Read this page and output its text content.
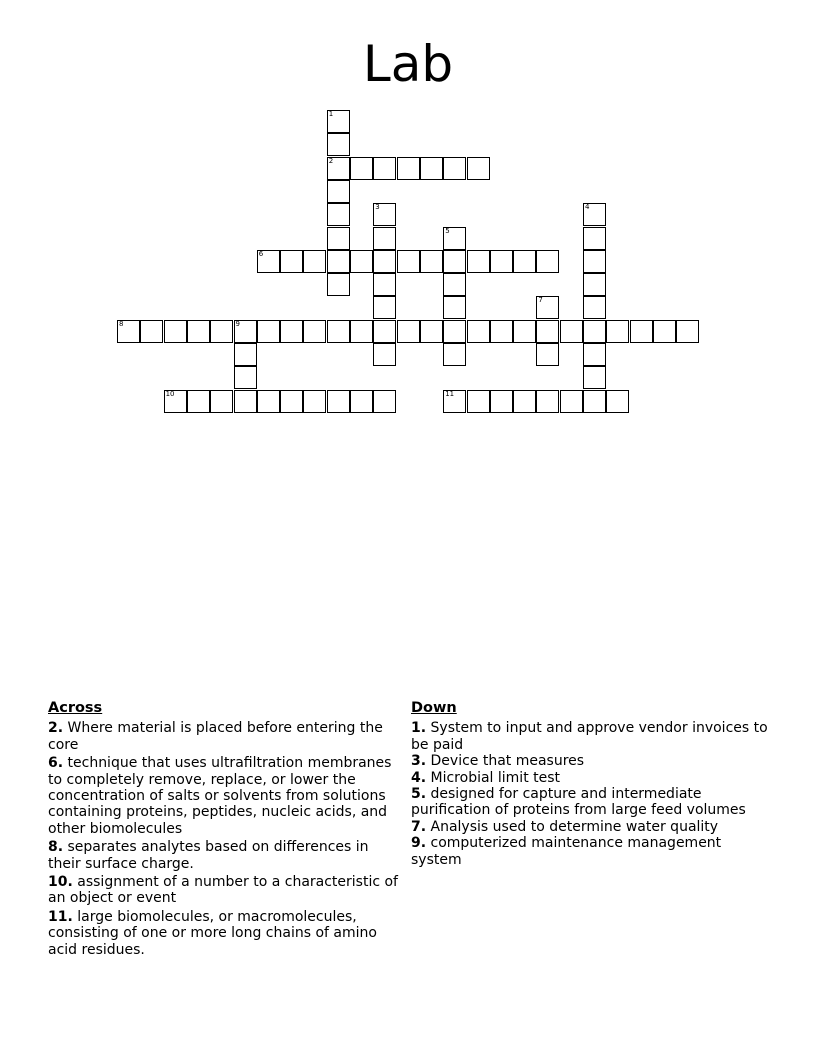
Lab
2
6
8	9
10	11
1
3	4
5
7
Across
2. Where material is placed before entering the core
6. technique that uses ultrafiltration membranes to completely remove, replace, or lower the concentration of salts or solvents from solutions containing proteins, peptides, nucleic acids, and other biomolecules
8. separates analytes based on differences in their surface charge.
10. assignment of a number to a characteristic of an object or event
11. large biomolecules, or macromolecules, consisting of one or more long chains of amino acid residues.
Down
1. System to input and approve vendor invoices to be paid
3. Device that measures
4. Microbial limit test
5. designed for capture and intermediate purification of proteins from large feed volumes
7. Analysis used to determine water quality
9. computerized maintenance management system
